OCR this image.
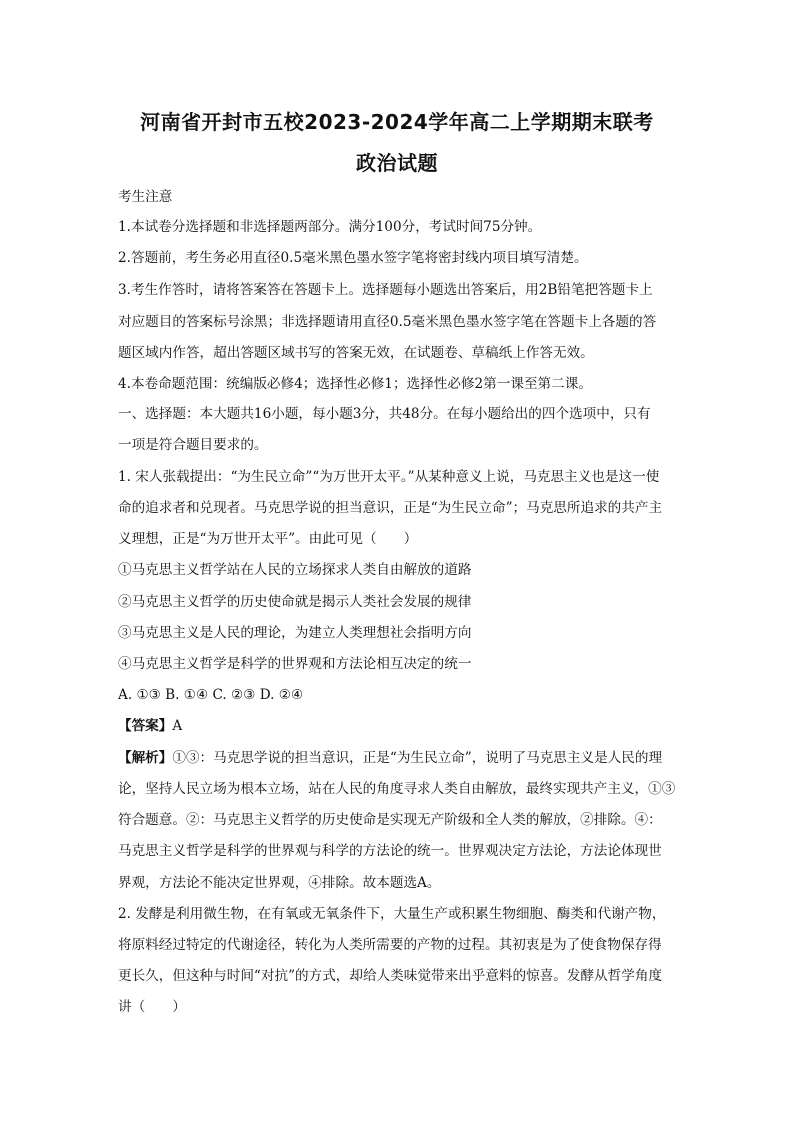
河南省开封市五校2023-2024学年高二上学期期末联考
政治试题
考生注意
1.本试卷分选择题和非选择题两部分。满分100分，考试时间75分钟。
2.答题前，考生务必用直径0.5毫米黑色墨水签字笔将密封线内项目填写清楚。
3.考生作答时，请将答案答在答题卡上。选择题每小题选出答案后，用2B铅笔把答题卡上
对应题目的答案标号涂黑；非选择题请用直径0.5毫米黑色墨水签字笔在答题卡上各题的答
题区域内作答，超出答题区域书写的答案无效，在试题卷、草稿纸上作答无效。
4.本卷命题范围：统编版必修4；选择性必修1；选择性必修2第一课至第二课。
一、选择题：本大题共16小题，每小题3分，共48分。在每小题给出的四个选项中，只有
一项是符合题目要求的。
1. 宋人张载提出：“为生民立命”“为万世开太平。”从某种意义上说，马克思主义也是这一使
命的追求者和兑现者。马克思学说的担当意识，正是“为生民立命”；马克思所追求的共产主
义理想，正是“为万世开太平”。由此可见（　　）
①马克思主义哲学站在人民的立场探求人类自由解放的道路
②马克思主义哲学的历史使命就是揭示人类社会发展的规律
③马克思主义是人民的理论，为建立人类理想社会指明方向
④马克思主义哲学是科学的世界观和方法论相互决定的统一
A. ①③ B. ①④ C. ②③ D. ②④
【答案】A
【解析】①③：马克思学说的担当意识，正是“为生民立命”，说明了马克思主义是人民的理
论，坚持人民立场为根本立场，站在人民的角度寻求人类自由解放，最终实现共产主义，①③
符合题意。②：马克思主义哲学的历史使命是实现无产阶级和全人类的解放，②排除。④：
马克思主义哲学是科学的世界观与科学的方法论的统一。世界观决定方法论，方法论体现世
界观，方法论不能决定世界观，④排除。故本题选A。
2. 发酵是利用微生物，在有氧或无氧条件下，大量生产或积累生物细胞、酶类和代谢产物，
将原料经过特定的代谢途径，转化为人类所需要的产物的过程。其初衷是为了使食物保存得
更长久，但这种与时间“对抗”的方式，却给人类味觉带来出乎意料的惊喜。发酵从哲学角度
讲（　　）
